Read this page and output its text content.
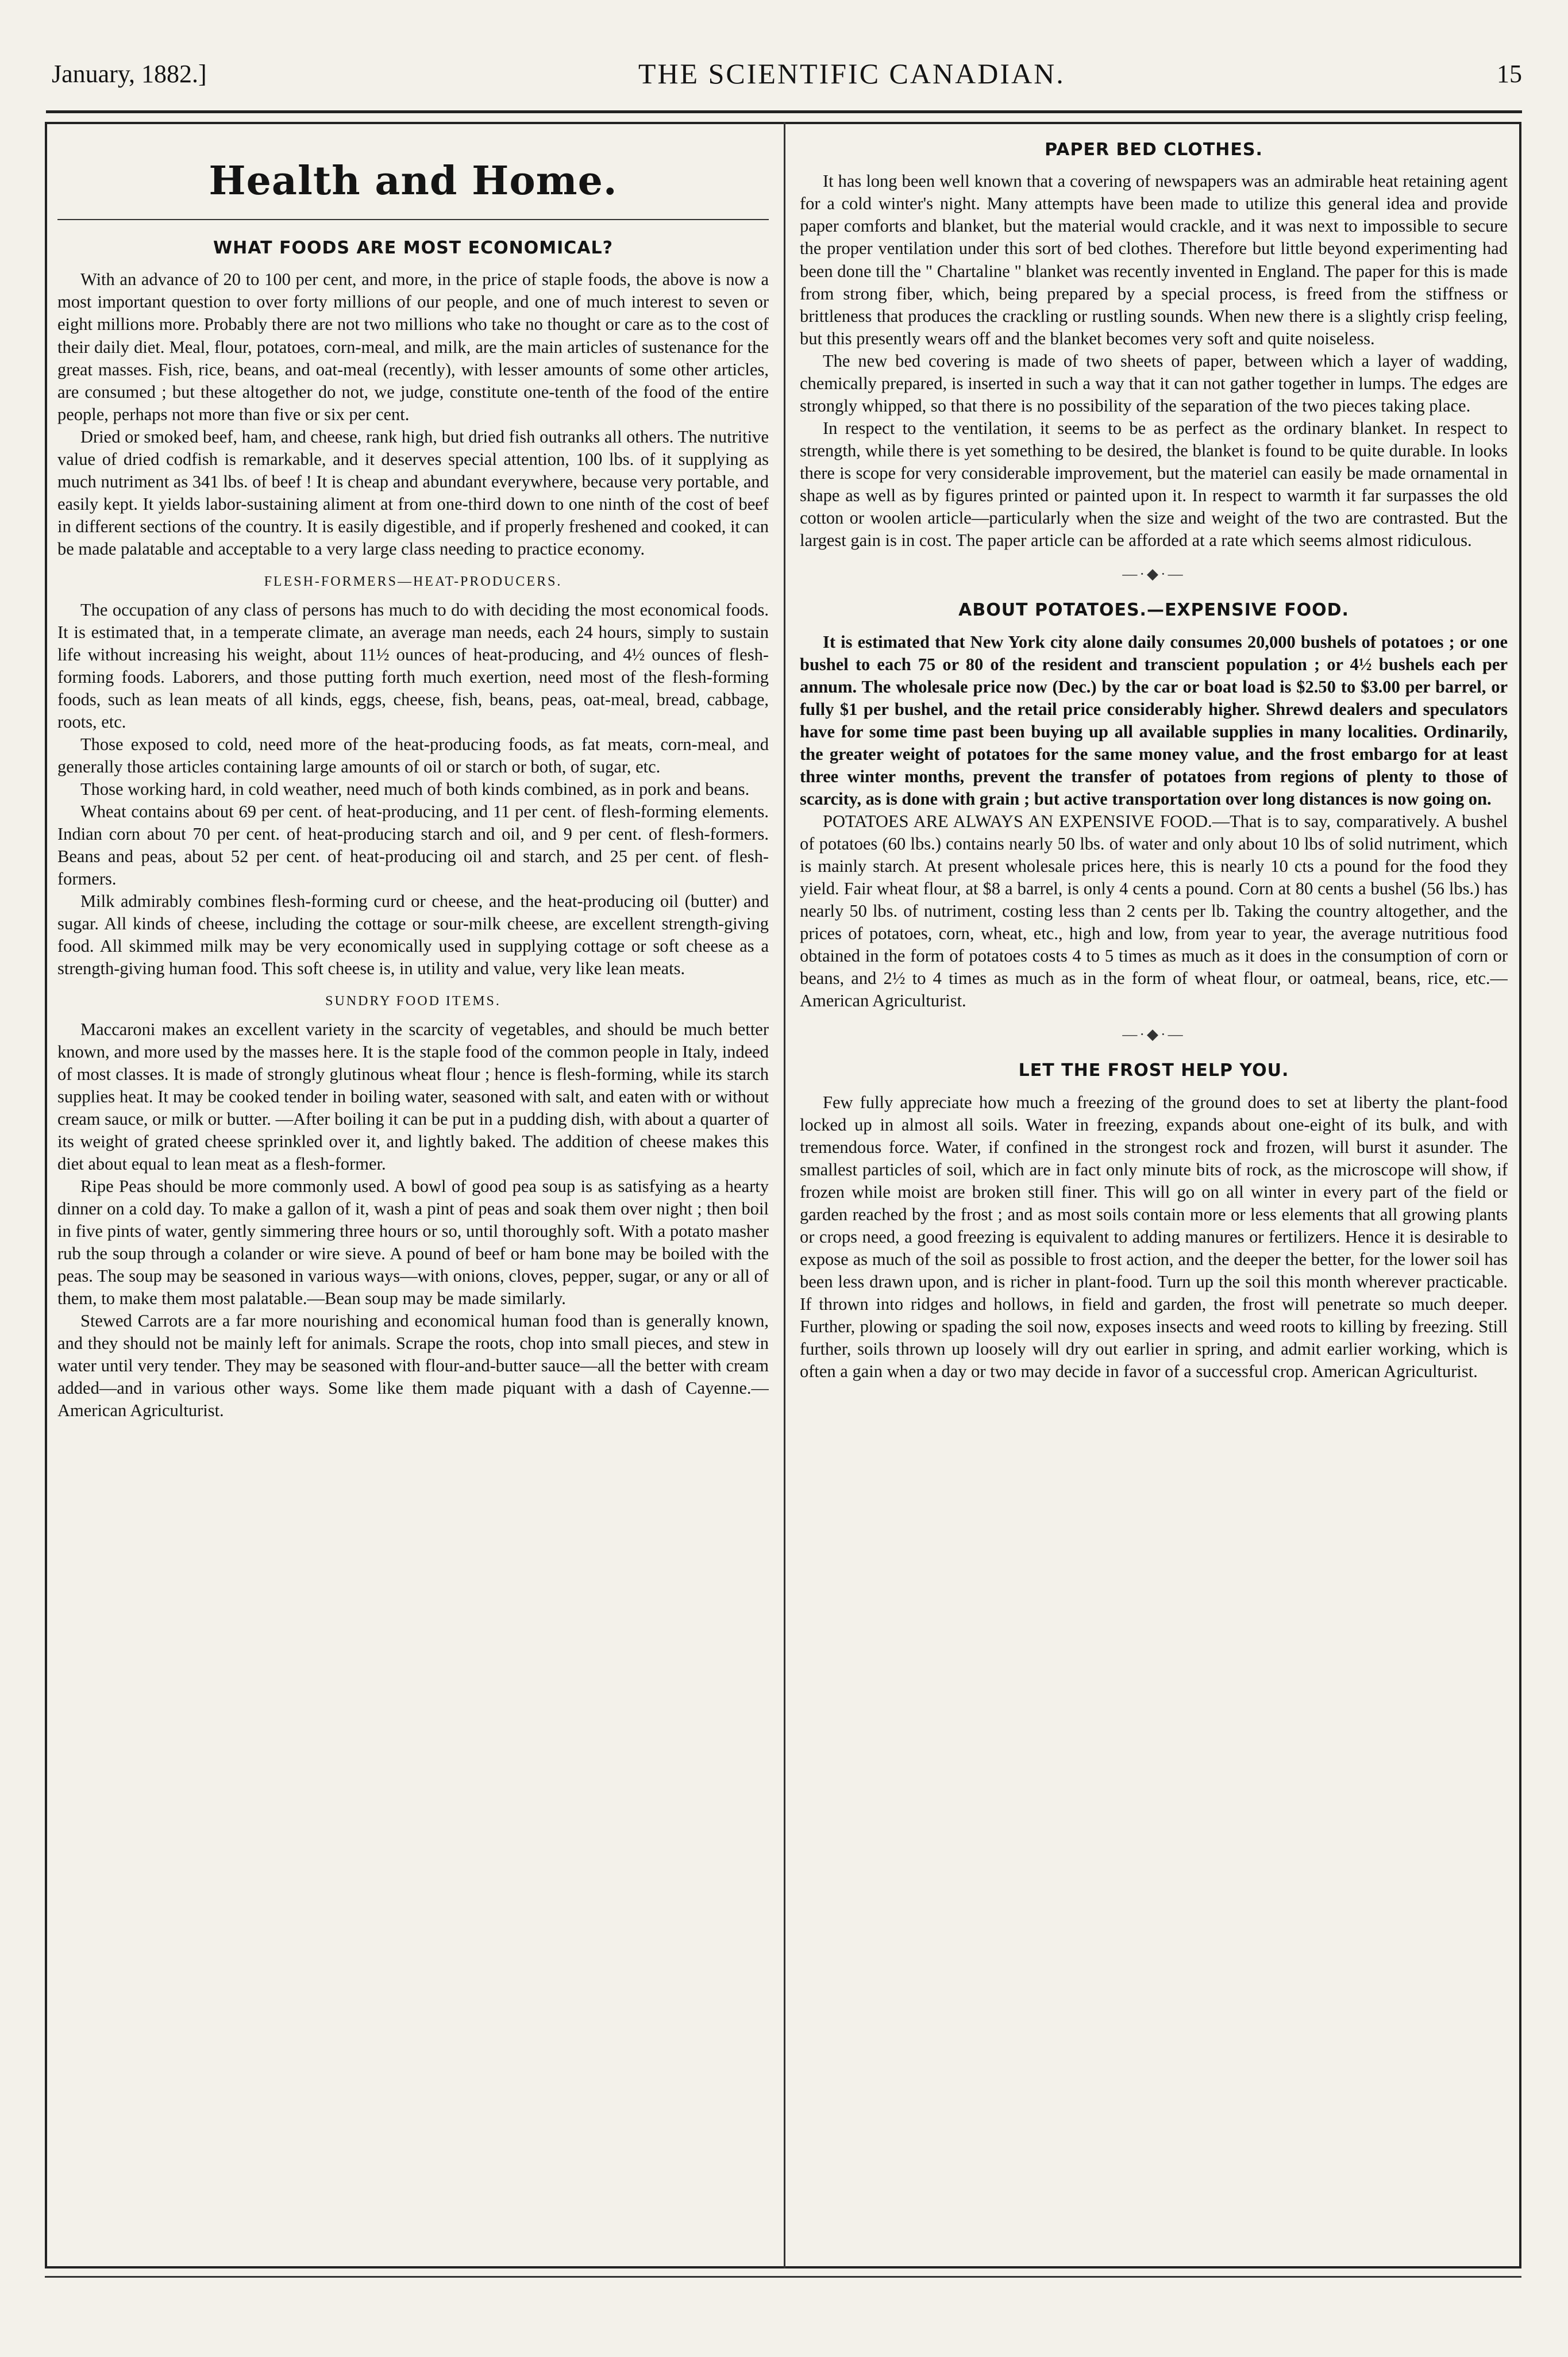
January, 1882.]	THE SCIENTIFIC CANADIAN.	15
Health and Home.
WHAT FOODS ARE MOST ECONOMICAL?

With an advance of 20 to 100 per cent, and more, in the price of staple foods, the above is now a most important question to over forty millions of our people, and one of much interest to seven or eight millions more. Probably there are not two millions who take no thought or care as to the cost of their daily diet. Meal, flour, potatoes, corn-meal, and milk, are the main articles of sustenance for the great masses. Fish, rice, beans, and oat-meal (recently), with lesser amounts of some other articles, are consumed ; but these altogether do not, we judge, constitute one-tenth of the food of the entire people, perhaps not more than five or six per cent.

Dried or smoked beef, ham, and cheese, rank high, but dried fish outranks all others. The nutritive value of dried codfish is remarkable, and it deserves special attention, 100 lbs. of it supplying as much nutriment as 341 lbs. of beef ! It is cheap and abundant everywhere, because very portable, and easily kept. It yields labor-sustaining aliment at from one-third down to one ninth of the cost of beef in different sections of the country. It is easily digestible, and if properly freshened and cooked, it can be made palatable and acceptable to a very large class needing to practice economy.

FLESH-FORMERS—HEAT-PRODUCERS.

The occupation of any class of persons has much to do with deciding the most economical foods. It is estimated that, in a temperate climate, an average man needs, each 24 hours, simply to sustain life without increasing his weight, about 11½ ounces of heat-producing, and 4½ ounces of flesh-forming foods. Laborers, and those putting forth much exertion, need most of the flesh-forming foods, such as lean meats of all kinds, eggs, cheese, fish, beans, peas, oat-meal, bread, cabbage, roots, etc.

Those exposed to cold, need more of the heat-producing foods, as fat meats, corn-meal, and generally those articles containing large amounts of oil or starch or both, of sugar, etc.

Those working hard, in cold weather, need much of both kinds combined, as in pork and beans.

Wheat contains about 69 per cent. of heat-producing, and 11 per cent. of flesh-forming elements. Indian corn about 70 per cent. of heat-producing starch and oil, and 9 per cent. of flesh-formers. Beans and peas, about 52 per cent. of heat-producing oil and starch, and 25 per cent. of flesh-formers.

Milk admirably combines flesh-forming curd or cheese, and the heat-producing oil (butter) and sugar. All kinds of cheese, including the cottage or sour-milk cheese, are excellent strength-giving food. All skimmed milk may be very economically used in supplying cottage or soft cheese as a strength-giving human food. This soft cheese is, in utility and value, very like lean meats.

SUNDRY FOOD ITEMS.

Maccaroni makes an excellent variety in the scarcity of vegetables, and should be much better known, and more used by the masses here. It is the staple food of the common people in Italy, indeed of most classes. It is made of strongly glutinous wheat flour ; hence is flesh-forming, while its starch supplies heat. It may be cooked tender in boiling water, seasoned with salt, and eaten with or without cream sauce, or milk or butter. —After boiling it can be put in a pudding dish, with about a quarter of its weight of grated cheese sprinkled over it, and lightly baked. The addition of cheese makes this diet about equal to lean meat as a flesh-former.

Ripe Peas should be more commonly used. A bowl of good pea soup is as satisfying as a hearty dinner on a cold day. To make a gallon of it, wash a pint of peas and soak them over night ; then boil in five pints of water, gently simmering three hours or so, until thoroughly soft. With a potato masher rub the soup through a colander or wire sieve. A pound of beef or ham bone may be boiled with the peas. The soup may be seasoned in various ways—with onions, cloves, pepper, sugar, or any or all of them, to make them most palatable.—Bean soup may be made similarly.

Stewed Carrots are a far more nourishing and economical human food than is generally known, and they should not be mainly left for animals. Scrape the roots, chop into small pieces, and stew in water until very tender. They may be seasoned with flour-and-butter sauce—all the better with cream added—and in various other ways. Some like them made piquant with a dash of Cayenne.—American Agriculturist.

PAPER BED CLOTHES.

It has long been well known that a covering of newspapers was an admirable heat retaining agent for a cold winter's night. Many attempts have been made to utilize this general idea and provide paper comforts and blanket, but the material would crackle, and it was next to impossible to secure the proper ventilation under this sort of bed clothes. Therefore but little beyond experimenting had been done till the " Chartaline " blanket was recently invented in England. The paper for this is made from strong fiber, which, being prepared by a special process, is freed from the stiffness or brittleness that produces the crackling or rustling sounds. When new there is a slightly crisp feeling, but this presently wears off and the blanket becomes very soft and quite noiseless.

The new bed covering is made of two sheets of paper, between which a layer of wadding, chemically prepared, is inserted in such a way that it can not gather together in lumps. The edges are strongly whipped, so that there is no possibility of the separation of the two pieces taking place.

In respect to the ventilation, it seems to be as perfect as the ordinary blanket. In respect to strength, while there is yet something to be desired, the blanket is found to be quite durable. In looks there is scope for very considerable improvement, but the materiel can easily be made ornamental in shape as well as by figures printed or painted upon it. In respect to warmth it far surpasses the old cotton or woolen article—particularly when the size and weight of the two are contrasted. But the largest gain is in cost. The paper article can be afforded at a rate which seems almost ridiculous.

—·◆·—
ABOUT POTATOES.—EXPENSIVE FOOD.

It is estimated that New York city alone daily consumes 20,000 bushels of potatoes ; or one bushel to each 75 or 80 of the resident and transcient population ; or 4½ bushels each per annum. The wholesale price now (Dec.) by the car or boat load is $2.50 to $3.00 per barrel, or fully $1 per bushel, and the retail price considerably higher. Shrewd dealers and speculators have for some time past been buying up all available supplies in many localities. Ordinarily, the greater weight of potatoes for the same money value, and the frost embargo for at least three winter months, prevent the transfer of potatoes from regions of plenty to those of scarcity, as is done with grain ; but active transportation over long distances is now going on.

POTATOES ARE ALWAYS AN EXPENSIVE FOOD.—That is to say, comparatively. A bushel of potatoes (60 lbs.) contains nearly 50 lbs. of water and only about 10 lbs of solid nutriment, which is mainly starch. At present wholesale prices here, this is nearly 10 cts a pound for the food they yield. Fair wheat flour, at $8 a barrel, is only 4 cents a pound. Corn at 80 cents a bushel (56 lbs.) has nearly 50 lbs. of nutriment, costing less than 2 cents per lb. Taking the country altogether, and the prices of potatoes, corn, wheat, etc., high and low, from year to year, the average nutritious food obtained in the form of potatoes costs 4 to 5 times as much as it does in the consumption of corn or beans, and 2½ to 4 times as much as in the form of wheat flour, or oatmeal, beans, rice, etc.—American Agriculturist.

—·◆·—
LET THE FROST HELP YOU.

Few fully appreciate how much a freezing of the ground does to set at liberty the plant-food locked up in almost all soils. Water in freezing, expands about one-eight of its bulk, and with tremendous force. Water, if confined in the strongest rock and frozen, will burst it asunder. The smallest particles of soil, which are in fact only minute bits of rock, as the microscope will show, if frozen while moist are broken still finer. This will go on all winter in every part of the field or garden reached by the frost ; and as most soils contain more or less elements that all growing plants or crops need, a good freezing is equivalent to adding manures or fertilizers. Hence it is desirable to expose as much of the soil as possible to frost action, and the deeper the better, for the lower soil has been less drawn upon, and is richer in plant-food. Turn up the soil this month wherever practicable. If thrown into ridges and hollows, in field and garden, the frost will penetrate so much deeper. Further, plowing or spading the soil now, exposes insects and weed roots to killing by freezing. Still further, soils thrown up loosely will dry out earlier in spring, and admit earlier working, which is often a gain when a day or two may decide in favor of a successful crop. American Agriculturist.
